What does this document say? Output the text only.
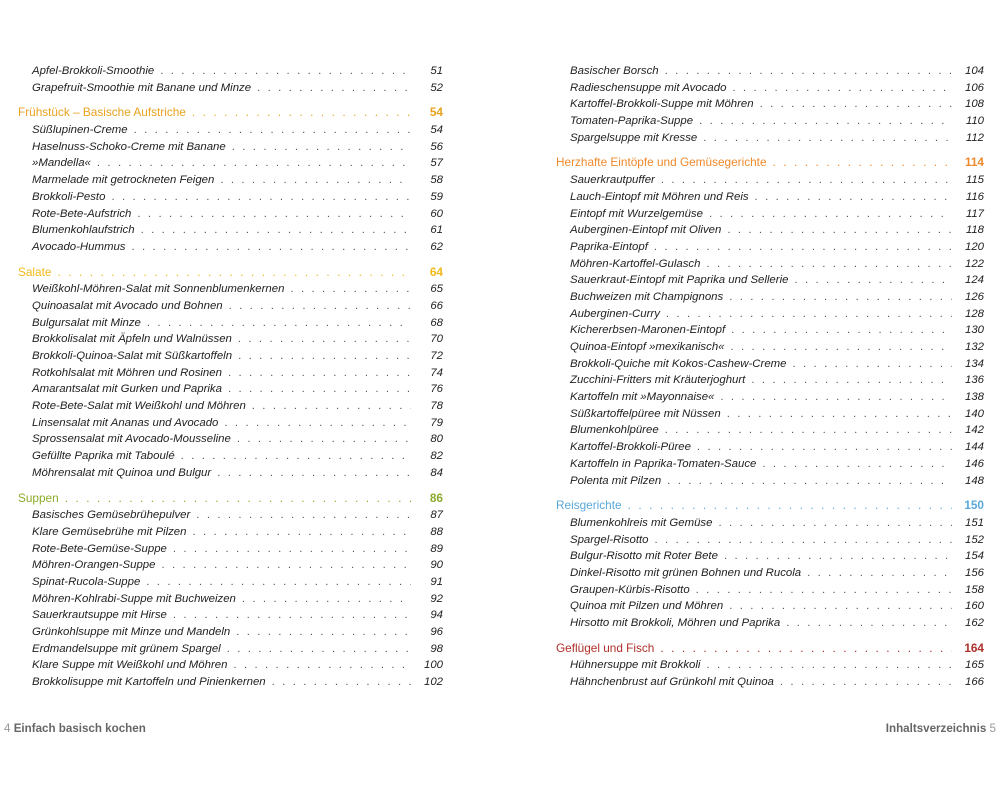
Apfel-Brokkoli-Smoothie . . .	51
Grapefruit-Smoothie mit Banane und Minze . . .	52
Frühstück – Basische Aufstriche . . .	54
Süßlupinen-Creme . . .	54
Haselnuss-Schoko-Creme mit Banane . . .	56
»Mandella« . . .	57
Marmelade mit getrockneten Feigen . . .	58
Brokkoli-Pesto . . .	59
Rote-Bete-Aufstrich . . .	60
Blumenkohlaufstrich . . .	61
Avocado-Hummus . . .	62
Salate . . .	64
Weißkohl-Möhren-Salat mit Sonnenblumenkernen . . .	65
Quinoasalat mit Avocado und Bohnen . . .	66
Bulgursalat mit Minze . . .	68
Brokkolisalat mit Äpfeln und Walnüssen . . .	70
Brokkoli-Quinoa-Salat mit Süßkartoffeln . . .	72
Rotkohlsalat mit Möhren und Rosinen . . .	74
Amarantsalat mit Gurken und Paprika . . .	76
Rote-Bete-Salat mit Weißkohl und Möhren . . .	78
Linsensalat mit Ananas und Avocado . . .	79
Sprossensalat mit Avocado-Mousseline . . .	80
Gefüllte Paprika mit Taboulé . . .	82
Möhrensalat mit Quinoa und Bulgur . . .	84
Suppen . . .	86
Basisches Gemüsebrühepulver . . .	87
Klare Gemüsebrühe mit Pilzen . . .	88
Rote-Bete-Gemüse-Suppe . . .	89
Möhren-Orangen-Suppe . . .	90
Spinat-Rucola-Suppe . . .	91
Möhren-Kohlrabi-Suppe mit Buchweizen . . .	92
Sauerkrautsuppe mit Hirse . . .	94
Grünkohlsuppe mit Minze und Mandeln . . .	96
Erdmandelsuppe mit grünem Spargel . . .	98
Klare Suppe mit Weißkohl und Möhren . . .	100
Brokkolisuppe mit Kartoffeln und Pinienkernen . . .	102
Basischer Borsch . . .	104
Radieschensuppe mit Avocado . . .	106
Kartoffel-Brokkoli-Suppe mit Möhren . . .	108
Tomaten-Paprika-Suppe . . .	110
Spargelsuppe mit Kresse . . .	112
Herzhafte Eintöpfe und Gemüsegerichte . . .	114
Sauerkrautpuffer . . .	115
Lauch-Eintopf mit Möhren und Reis . . .	116
Eintopf mit Wurzelgemüse . . .	117
Auberginen-Eintopf mit Oliven . . .	118
Paprika-Eintopf . . .	120
Möhren-Kartoffel-Gulasch . . .	122
Sauerkraut-Eintopf mit Paprika und Sellerie . . .	124
Buchweizen mit Champignons . . .	126
Auberginen-Curry . . .	128
Kichererbsen-Maronen-Eintopf . . .	130
Quinoa-Eintopf »mexikanisch« . . .	132
Brokkoli-Quiche mit Kokos-Cashew-Creme . . .	134
Zucchini-Fritters mit Kräuterjoghurt . . .	136
Kartoffeln mit »Mayonnaise« . . .	138
Süßkartoffelpüree mit Nüssen . . .	140
Blumenkohlpüree . . .	142
Kartoffel-Brokkoli-Püree . . .	144
Kartoffeln in Paprika-Tomaten-Sauce . . .	146
Polenta mit Pilzen . . .	148
Reisgerichte . . .	150
Blumenkohlreis mit Gemüse . . .	151
Spargel-Risotto . . .	152
Bulgur-Risotto mit Roter Bete . . .	154
Dinkel-Risotto mit grünen Bohnen und Rucola . . .	156
Graupen-Kürbis-Risotto . . .	158
Quinoa mit Pilzen und Möhren . . .	160
Hirsotto mit Brokkoli, Möhren und Paprika . . .	162
Geflügel und Fisch . . .	164
Hühnersuppe mit Brokkoli . . .	165
Hähnchenbrust auf Grünkohl mit Quinoa . . .	166
4 Einfach basisch kochen	Inhaltsverzeichnis 5
